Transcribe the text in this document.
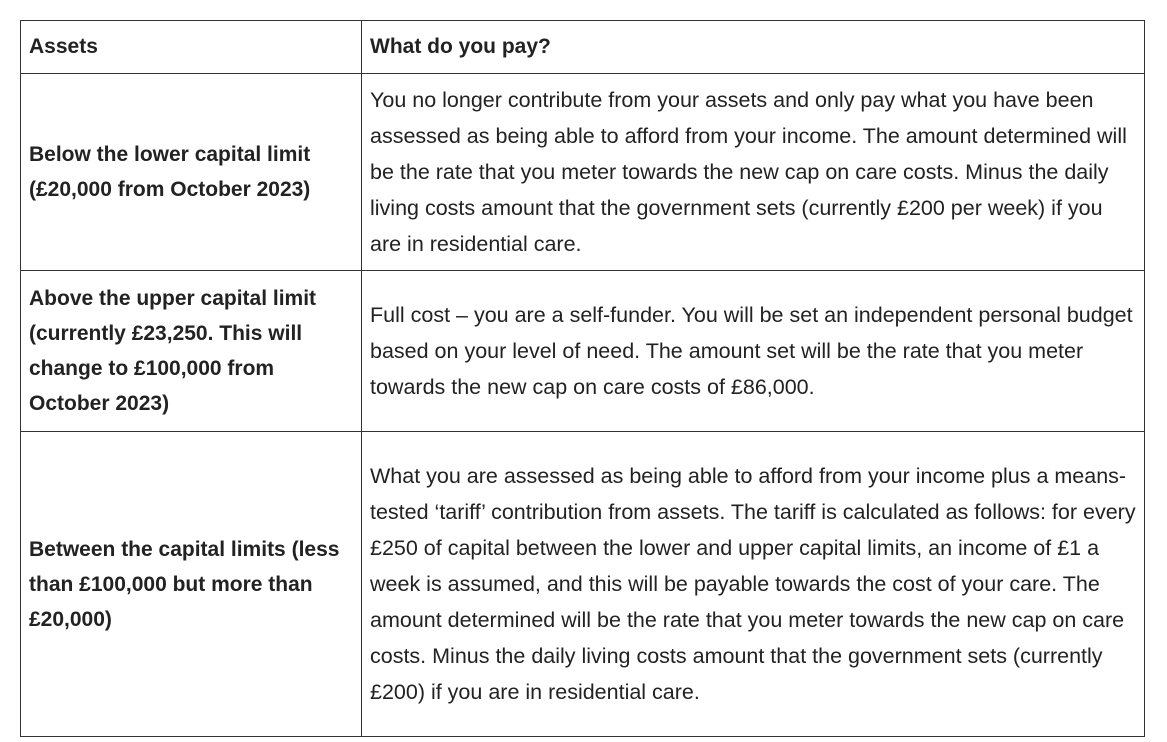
Assets	What do you pay?
Below the lower capital limit (£20,000 from October 2023)	You no longer contribute from your assets and only pay what you have been assessed as being able to afford from your income. The amount determined will be the rate that you meter towards the new cap on care costs. Minus the daily living costs amount that the government sets (currently £200 per week) if you are in residential care.
Above the upper capital limit (currently £23,250. This will change to £100,000 from October 2023)	Full cost – you are a self-funder. You will be set an independent personal budget based on your level of need. The amount set will be the rate that you meter towards the new cap on care costs of £86,000.
Between the capital limits (less than £100,000 but more than £20,000)	What you are assessed as being able to afford from your income plus a means-tested ‘tariff’ contribution from assets. The tariff is calculated as follows: for every £250 of capital between the lower and upper capital limits, an income of £1 a week is assumed, and this will be payable towards the cost of your care. The amount determined will be the rate that you meter towards the new cap on care costs. Minus the daily living costs amount that the government sets (currently £200) if you are in residential care.
